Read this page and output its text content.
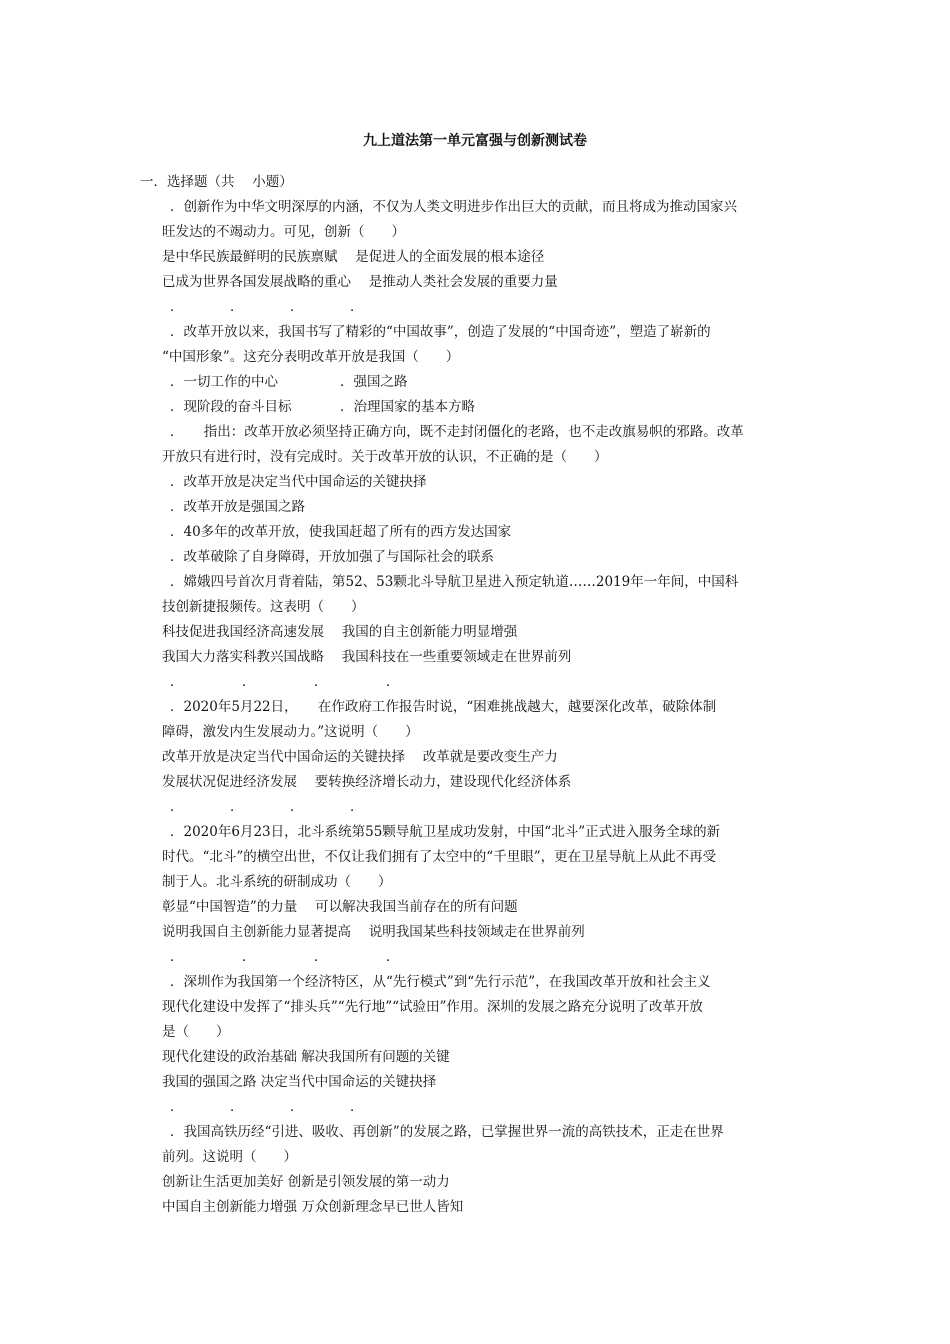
九上道法第一单元富强与创新测试卷

一．选择题（共 　小题）

．创新作为中华文明深厚的内涵，不仅为人类文明进步作出巨大的贡献，而且将成为推动国家兴

旺发达的不竭动力。可见，创新（　　）

是中华民族最鲜明的民族禀赋　 是促进人的全面发展的根本途径

已成为世界各国发展战略的重心　 是推动人类社会发展的重要力量

．	．	．	．

．改革开放以来，我国书写了精彩的“中国故事”，创造了发展的“中国奇迹”，塑造了崭新的

“中国形象”。这充分表明改革开放是我国（　　）

．一切工作的中心	．强国之路

．现阶段的奋斗目标	．治理国家的基本方略

．　　指出：改革开放必须坚持正确方向，既不走封闭僵化的老路，也不走改旗易帜的邪路。改革

开放只有进行时，没有完成时。关于改革开放的认识，不正确的是（　　）

．改革开放是决定当代中国命运的关键抉择

．改革开放是强国之路

．40多年的改革开放，使我国赶超了所有的西方发达国家

．改革破除了自身障碍，开放加强了与国际社会的联系

．嫦娥四号首次月背着陆，第52、53颗北斗导航卫星进入预定轨道……2019年一年间，中国科

技创新捷报频传。这表明（　　）

科技促进我国经济高速发展　 我国的自主创新能力明显增强

我国大力落实科教兴国战略　 我国科技在一些重要领域走在世界前列

．	．	．	．

．2020年5月22日，　　在作政府工作报告时说，“困难挑战越大，越要深化改革，破除体制

障碍，激发内生发展动力。”这说明（　　）

改革开放是决定当代中国命运的关键抉择　 改革就是要改变生产力

发展状况促进经济发展　 要转换经济增长动力，建设现代化经济体系

．	．	．	．

．2020年6月23日，北斗系统第55颗导航卫星成功发射，中国“北斗”正式进入服务全球的新

时代。“北斗”的横空出世，不仅让我们拥有了太空中的“千里眼”，更在卫星导航上从此不再受

制于人。北斗系统的研制成功（　　）

彰显“中国智造”的力量　 可以解决我国当前存在的所有问题

说明我国自主创新能力显著提高　 说明我国某些科技领域走在世界前列

．	．	．	．

．深圳作为我国第一个经济特区，从“先行模式”到“先行示范”，在我国改革开放和社会主义

现代化建设中发挥了“排头兵”“先行地”“试验田”作用。深圳的发展之路充分说明了改革开放

是（　　）

现代化建设的政治基础 解决我国所有问题的关键

我国的强国之路 决定当代中国命运的关键抉择

．	．	．	．

．我国高铁历经“引进、吸收、再创新”的发展之路，已掌握世界一流的高铁技术，正走在世界

前列。这说明（　　）

创新让生活更加美好 创新是引领发展的第一动力

中国自主创新能力增强 万众创新理念早已世人皆知
